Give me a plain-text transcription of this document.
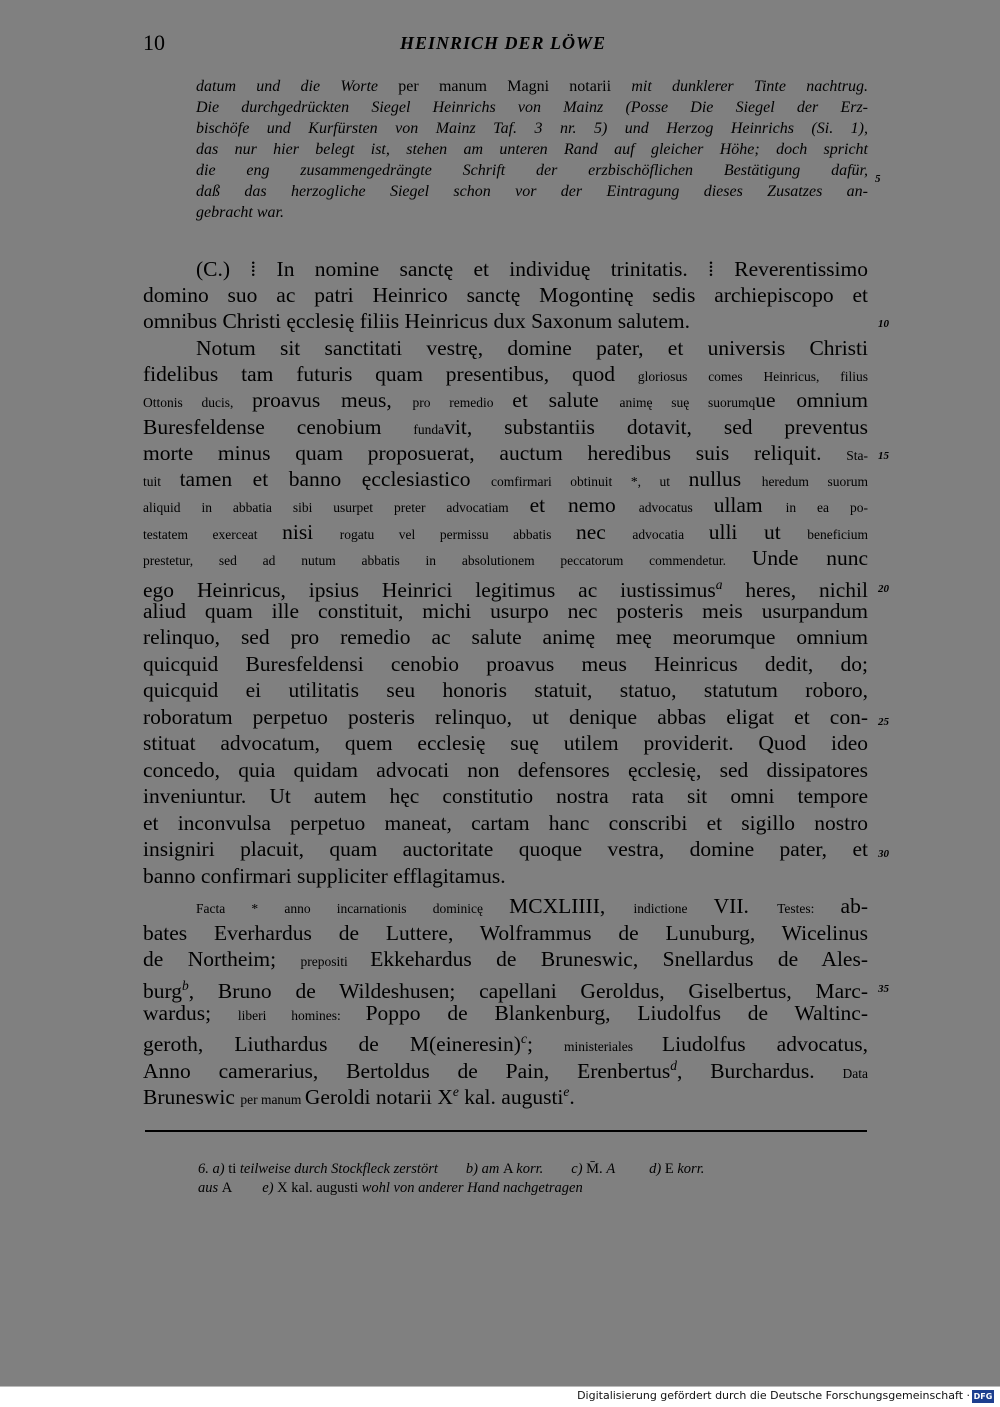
10	HEINRICH DER LÖWE
datum und die Worte per manum Magni notarii mit dunklerer Tinte nachtrug.
Die durchgedrückten Siegel Heinrichs von Mainz (Posse Die Siegel der Erz-
bischöfe und Kurfürsten von Mainz Taf. 3 nr. 5) und Herzog Heinrichs (Si. 1),
das nur hier belegt ist, stehen am unteren Rand auf gleicher Höhe; doch spricht
die eng zusammengedrängte Schrift der erzbischöflichen Bestätigung dafür,
daß das herzogliche Siegel schon vor der Eintragung dieses Zusatzes an-
gebracht war.
(C.) ⁞ In nomine sanctę et individuę trinitatis. ⁞ Reverentissimo
domino suo ac patri Heinrico sanctę Mogontinę sedis archiepiscopo et
omnibus Christi ęcclesię filiis Heinricus dux Saxonum salutem.
Notum sit sanctitati vestrę, domine pater, et universis Christi
fidelibus tam futuris quam presentibus, quod gloriosus comes Heinricus, filius
Ottonis ducis, proavus meus, pro remedio et salute animę suę suorumque omnium
Buresfeldense cenobium fundavit, substantiis dotavit, sed preventus
morte minus quam proposuerat, auctum heredibus suis reliquit. Sta-
tuit tamen et banno ęcclesiastico comfirmari obtinuit *, ut nullus heredum suorum
aliquid in abbatia sibi usurpet preter advocatiam et nemo advocatus ullam in ea po-
testatem exerceat nisi rogatu vel permissu abbatis nec advocatia ulli ut beneficium
prestetur, sed ad nutum abbatis in absolutionem peccatorum commendetur. Unde nunc
ego Heinricus, ipsius Heinrici legitimus ac iustissimus$^a$ heres, nichil
aliud quam ille constituit, michi usurpo nec posteris meis usurpandum
relinquo, sed pro remedio ac salute animę meę meorumque omnium
quicquid Buresfeldensi cenobio proavus meus Heinricus dedit, do;
quicquid ei utilitatis seu honoris statuit, statuo, statutum roboro,
roboratum perpetuo posteris relinquo, ut denique abbas eligat et con-
stituat advocatum, quem ecclesię suę utilem providerit. Quod ideo
concedo, quia quidam advocati non defensores ęcclesię, sed dissipatores
inveniuntur. Ut autem hęc constitutio nostra rata sit omni tempore
et inconvulsa perpetuo maneat, cartam hanc conscribi et sigillo nostro
insigniri placuit, quam auctoritate quoque vestra, domine pater, et
banno confirmari suppliciter efflagitamus.
Facta * anno incarnationis dominicę MCXLIIII, indictione VII. Testes: ab-
bates Everhardus de Luttere, Wolframmus de Lunuburg, Wicelinus
de Northeim; prepositi Ekkehardus de Bruneswic, Snellardus de Ales-
burg$^b$, Bruno de Wildeshusen; capellani Geroldus, Giselbertus, Marc-
wardus; liberi homines: Poppo de Blankenburg, Liudolfus de Waltinc-
geroth, Liuthardus de M(eineresin)$^c$; ministeriales Liudolfus advocatus,
Anno camerarius, Bertoldus de Pain, Erenbertus$^d$, Burchardus. Data
Bruneswic per manum Geroldi notarii Xe kal. augusti$^e$.
5
10
15
20
25
30
35
6. a) ti teilweise durch Stockfleck zerstört b) am A korr. c) M̄. A d) E korr.
aus A e) X kal. augusti wohl von anderer Hand nachgetragen
Digitalisierung gefördert durch die Deutsche Forschungsgemeinschaft · DFG
